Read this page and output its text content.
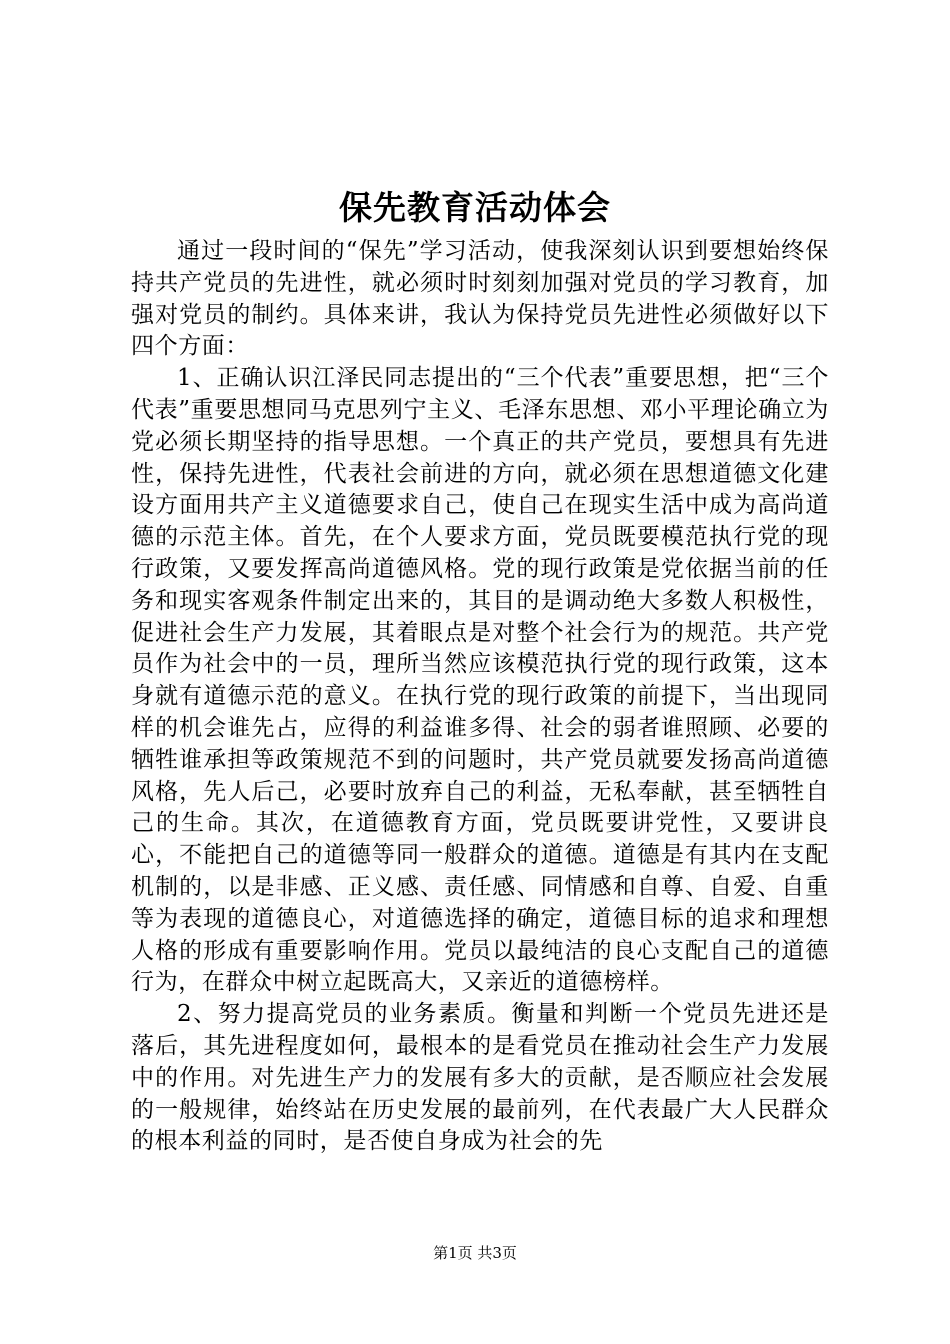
保先教育活动体会

通过一段时间的“保先”学习活动，使我深刻认识到要想始终保持共产党员的先进性，就必须时时刻刻加强对党员的学习教育，加强对党员的制约。具体来讲，我认为保持党员先进性必须做好以下四个方面：

1、正确认识江泽民同志提出的“三个代表”重要思想，把“三个代表”重要思想同马克思列宁主义、毛泽东思想、邓小平理论确立为党必须长期坚持的指导思想。一个真正的共产党员，要想具有先进性，保持先进性，代表社会前进的方向，就必须在思想道德文化建设方面用共产主义道德要求自己，使自己在现实生活中成为高尚道德的示范主体。首先，在个人要求方面，党员既要模范执行党的现行政策，又要发挥高尚道德风格。党的现行政策是党依据当前的任务和现实客观条件制定出来的，其目的是调动绝大多数人积极性，促进社会生产力发展，其着眼点是对整个社会行为的规范。共产党员作为社会中的一员，理所当然应该模范执行党的现行政策，这本身就有道德示范的意义。在执行党的现行政策的前提下，当出现同样的机会谁先占，应得的利益谁多得、社会的弱者谁照顾、必要的牺牲谁承担等政策规范不到的问题时，共产党员就要发扬高尚道德风格，先人后己，必要时放弃自己的利益，无私奉献，甚至牺牲自己的生命。其次，在道德教育方面，党员既要讲党性，又要讲良心，不能把自己的道德等同一般群众的道德。道德是有其内在支配机制的，以是非感、正义感、责任感、同情感和自尊、自爱、自重等为表现的道德良心，对道德选择的确定，道德目标的追求和理想人格的形成有重要影响作用。党员以最纯洁的良心支配自己的道德行为，在群众中树立起既高大，又亲近的道德榜样。

2、努力提高党员的业务素质。衡量和判断一个党员先进还是落后，其先进程度如何，最根本的是看党员在推动社会生产力发展中的作用。对先进生产力的发展有多大的贡献，是否顺应社会发展的一般规律，始终站在历史发展的最前列，在代表最广大人民群众的根本利益的同时，是否使自身成为社会的先

第1页 共3页
